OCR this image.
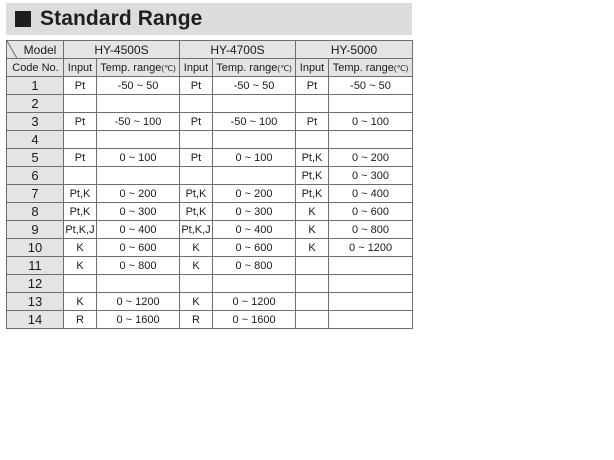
Standard Range
Model	HY-4500S		HY-4700S		HY-5000	
Code No.	Input	Temp. range(℃)	Input	Temp. range(℃)	Input	Temp. range(℃)
1	Pt	-50 ~ 50	Pt	-50 ~ 50	Pt	-50 ~ 50
2						
3	Pt	-50 ~ 100	Pt	-50 ~ 100	Pt	0 ~ 100
4						
5	Pt	0 ~ 100	Pt	0 ~ 100	Pt,K	0 ~ 200
6					Pt,K	0 ~ 300
7	Pt,K	0 ~ 200	Pt,K	0 ~ 200	Pt,K	0 ~ 400
8	Pt,K	0 ~ 300	Pt,K	0 ~ 300	K	0 ~ 600
9	Pt,K,J	0 ~ 400	Pt,K,J	0 ~ 400	K	0 ~ 800
10	K	0 ~ 600	K	0 ~ 600	K	0 ~ 1200
11	K	0 ~ 800	K	0 ~ 800		
12						
13	K	0 ~ 1200	K	0 ~ 1200		
14	R	0 ~ 1600	R	0 ~ 1600		
